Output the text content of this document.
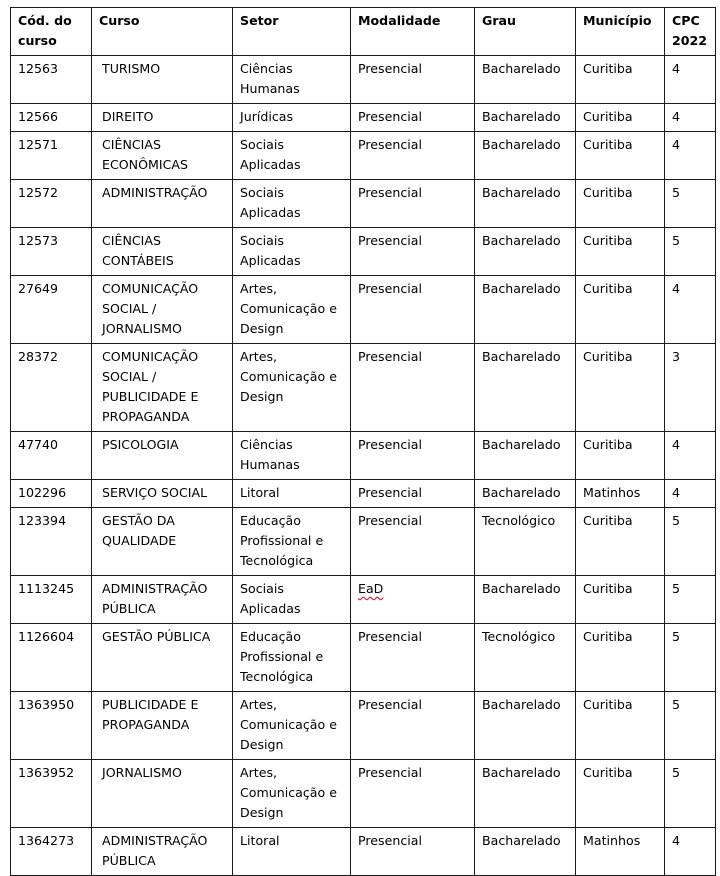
Cód. do curso	Curso	Setor	Modalidade	Grau	Município	CPC 2022
12563	TURISMO	Ciências Humanas	Presencial	Bacharelado	Curitiba	4
12566	DIREITO	Jurídicas	Presencial	Bacharelado	Curitiba	4
12571	CIÊNCIAS ECONÔMICAS	Sociais Aplicadas	Presencial	Bacharelado	Curitiba	4
12572	ADMINISTRAÇÃO	Sociais Aplicadas	Presencial	Bacharelado	Curitiba	5
12573	CIÊNCIAS CONTÁBEIS	Sociais Aplicadas	Presencial	Bacharelado	Curitiba	5
27649	COMUNICAÇÃO SOCIAL / JORNALISMO	Artes, Comunicação e Design	Presencial	Bacharelado	Curitiba	4
28372	COMUNICAÇÃO SOCIAL / PUBLICIDADE E PROPAGANDA	Artes, Comunicação e Design	Presencial	Bacharelado	Curitiba	3
47740	PSICOLOGIA	Ciências Humanas	Presencial	Bacharelado	Curitiba	4
102296	SERVIÇO SOCIAL	Litoral	Presencial	Bacharelado	Matinhos	4
123394	GESTÃO DA QUALIDADE	Educação Profissional e Tecnológica	Presencial	Tecnológico	Curitiba	5
1113245	ADMINISTRAÇÃO PÚBLICA	Sociais Aplicadas	EaD	Bacharelado	Curitiba	5
1126604	GESTÃO PÚBLICA	Educação Profissional e Tecnológica	Presencial	Tecnológico	Curitiba	5
1363950	PUBLICIDADE E PROPAGANDA	Artes, Comunicação e Design	Presencial	Bacharelado	Curitiba	5
1363952	JORNALISMO	Artes, Comunicação e Design	Presencial	Bacharelado	Curitiba	5
1364273	ADMINISTRAÇÃO PÚBLICA	Litoral	Presencial	Bacharelado	Matinhos	4
